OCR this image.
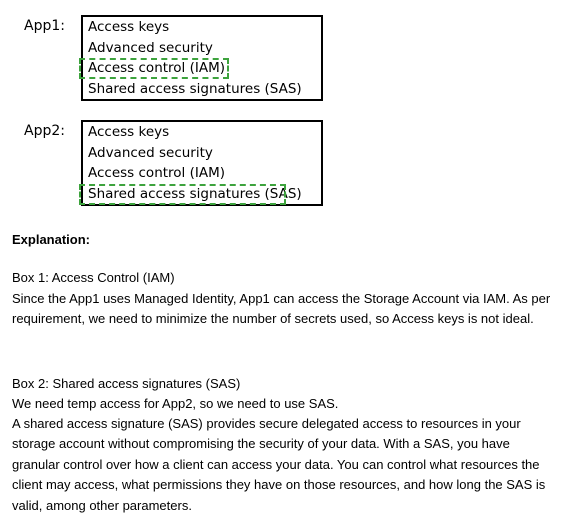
App1:	Access keys
Advanced security
Access control (IAM)
Shared access signatures (SAS)
App2:	Access keys
Advanced security
Access control (IAM)
Shared access signatures (SAS)
Explanation:
Box 1: Access Control (IAM)
Since the App1 uses Managed Identity, App1 can access the Storage Account via IAM. As per requirement, we need to minimize the number of secrets used, so Access keys is not ideal.
Box 2: Shared access signatures (SAS)
We need temp access for App2, so we need to use SAS.
A shared access signature (SAS) provides secure delegated access to resources in your storage account without compromising the security of your data. With a SAS, you have granular control over how a client can access your data. You can control what resources the client may access, what permissions they have on those resources, and how long the SAS is valid, among other parameters.
